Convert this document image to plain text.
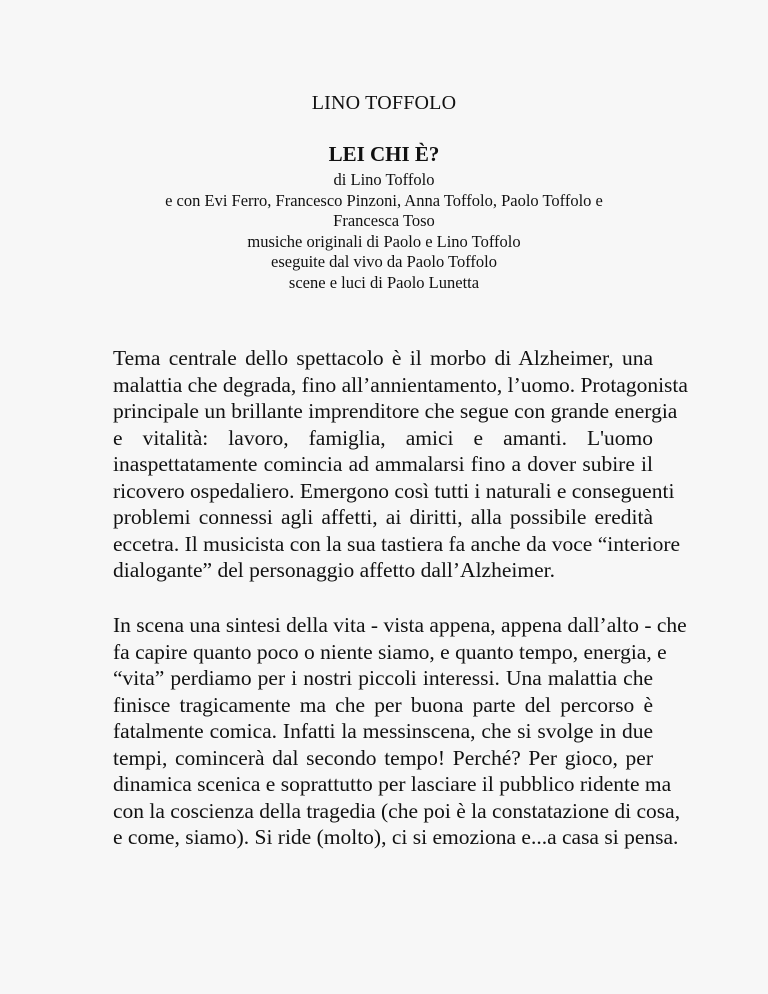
LINO TOFFOLO
LEI CHI È?
di Lino Toffolo
e con Evi Ferro, Francesco Pinzoni, Anna Toffolo, Paolo Toffolo e
Francesca Toso
musiche originali di Paolo e Lino Toffolo
eseguite dal vivo da Paolo Toffolo
scene e luci di Paolo Lunetta
Tema centrale dello spettacolo è il morbo di Alzheimer, una
malattia che degrada, fino all’annientamento, l’uomo. Protagonista
principale un brillante imprenditore che segue con grande energia
e vitalità: lavoro, famiglia, amici e amanti. L'uomo
inaspettatamente comincia ad ammalarsi fino a dover subire il
ricovero ospedaliero. Emergono così tutti i naturali e conseguenti
problemi connessi agli affetti, ai diritti, alla possibile eredità
eccetra. Il musicista con la sua tastiera fa anche da voce “interiore
dialogante” del personaggio affetto dall’Alzheimer.
In scena una sintesi della vita - vista appena, appena dall’alto - che
fa capire quanto poco o niente siamo, e quanto tempo, energia, e
“vita” perdiamo per i nostri piccoli interessi. Una malattia che
finisce tragicamente ma che per buona parte del percorso è
fatalmente comica. Infatti la messinscena, che si svolge in due
tempi, comincerà dal secondo tempo! Perché? Per gioco, per
dinamica scenica e soprattutto per lasciare il pubblico ridente ma
con la coscienza della tragedia (che poi è la constatazione di cosa,
e come, siamo). Si ride (molto), ci si emoziona e...a casa si pensa.
